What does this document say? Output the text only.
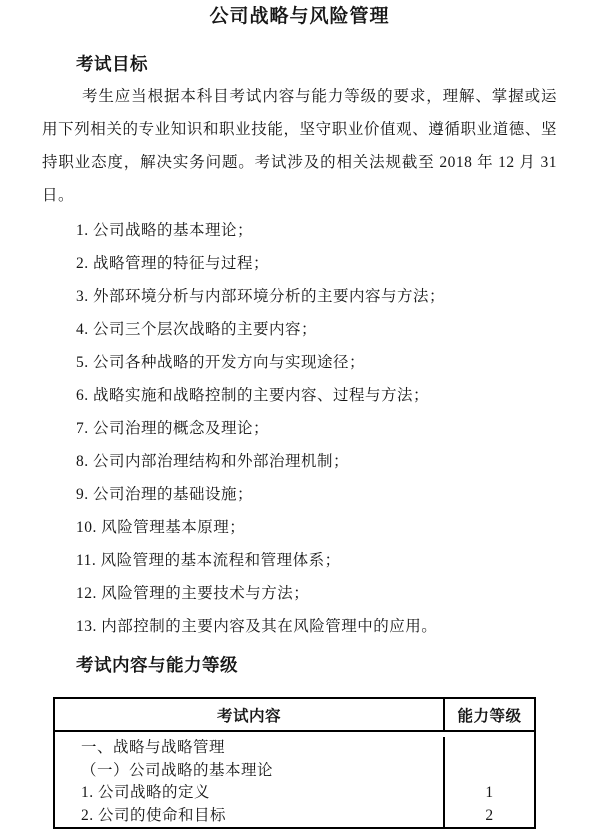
公司战略与风险管理
考试目标
考生应当根据本科目考试内容与能力等级的要求，理解、掌握或运用下列相关的专业知识和职业技能，坚守职业价值观、遵循职业道德、坚持职业态度，解决实务问题。考试涉及的相关法规截至 2018 年 12 月 31 日。
1. 公司战略的基本理论；
2. 战略管理的特征与过程；
3. 外部环境分析与内部环境分析的主要内容与方法；
4. 公司三个层次战略的主要内容；
5. 公司各种战略的开发方向与实现途径；
6. 战略实施和战略控制的主要内容、过程与方法；
7. 公司治理的概念及理论；
8. 公司内部治理结构和外部治理机制；
9. 公司治理的基础设施；
10. 风险管理基本原理；
11. 风险管理的基本流程和管理体系；
12. 风险管理的主要技术与方法；
13. 内部控制的主要内容及其在风险管理中的应用。
考试内容与能力等级
考试内容	能力等级
一、战略与战略管理
（一）公司战略的基本理论
1. 公司战略的定义
2. 公司的使命和目标
1
2
